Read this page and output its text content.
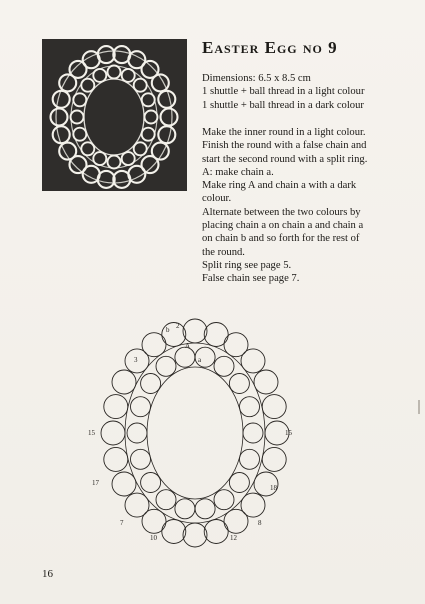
Easter Egg no 9
Dimensions: 6.5 x 8.5 cm
1 shuttle + ball thread in a light colour
1 shuttle + ball thread in a dark colour
Make the inner round in a light colour.
Finish the round with a false chain and
start the second round with a split ring.
A: make chain a.
Make ring A and chain a with a dark
colour.
Alternate between the two colours by
placing chain a on chain a and chain a
on chain b and so forth for the rest of
the round.
Split ring see page 5.
False chain see page 7.
A
a
b 2
3
15	15
17
18
7	8
10	12
16
